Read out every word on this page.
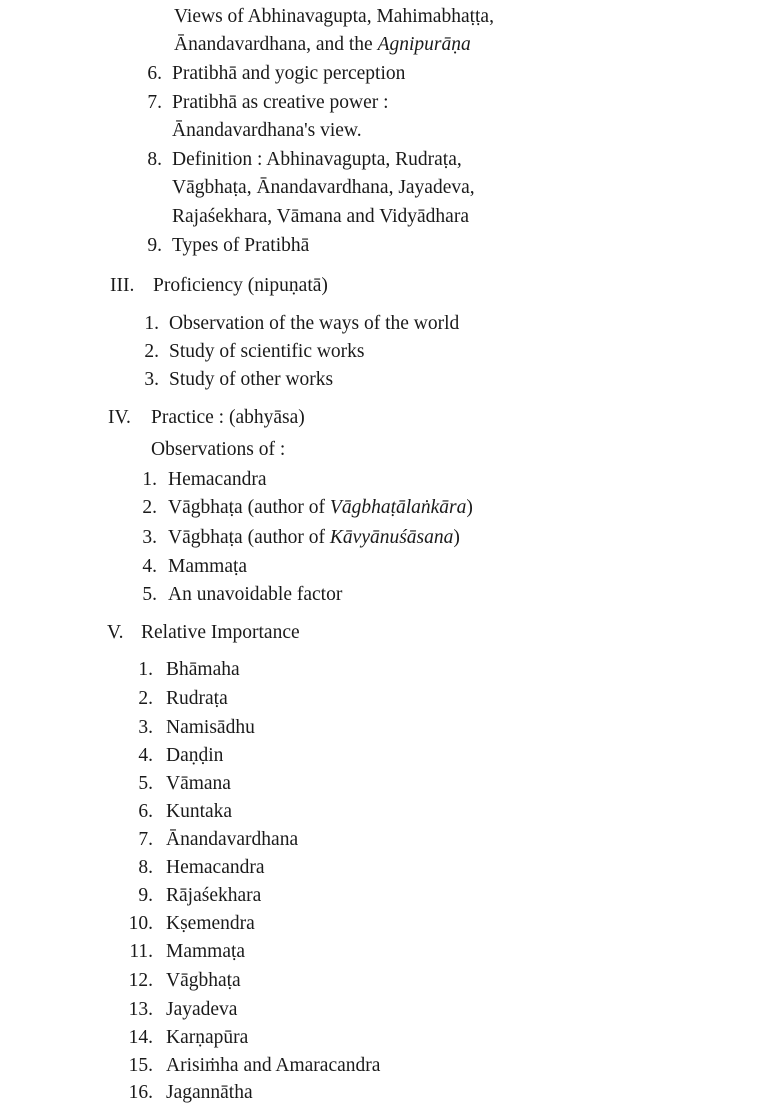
Views of Abhinavagupta, Mahimabhaṭṭa,
Ānandavardhana, and the Agnipurāṇa
6. Pratibhā and yogic perception
7. Pratibhā as creative power :
Ānandavardhana's view.
8. Definition : Abhinavagupta, Rudraṭa,
Vāgbhaṭa, Ānandavardhana, Jayadeva,
Rajaśekhara, Vāmana and Vidyādhara
9. Types of Pratibhā
III. Proficiency (nipuṇatā)
1. Observation of the ways of the world
2. Study of scientific works
3. Study of other works
IV. Practice : (abhyāsa)
Observations of :
1. Hemacandra
2. Vāgbhaṭa (author of Vāgbhaṭālaṅkāra)
3. Vāgbhaṭa (author of Kāvyānuśāsana)
4. Mammaṭa
5. An unavoidable factor
V. Relative Importance
1. Bhāmaha
2. Rudraṭa
3. Namisādhu
4. Daṇḍin
5. Vāmana
6. Kuntaka
7. Ānandavardhana
8. Hemacandra
9. Rājaśekhara
10. Kṣemendra
11. Mammaṭa
12. Vāgbhaṭa
13. Jayadeva
14. Karṇapūra
15. Arisiṁha and Amaracandra
16. Jagannātha
